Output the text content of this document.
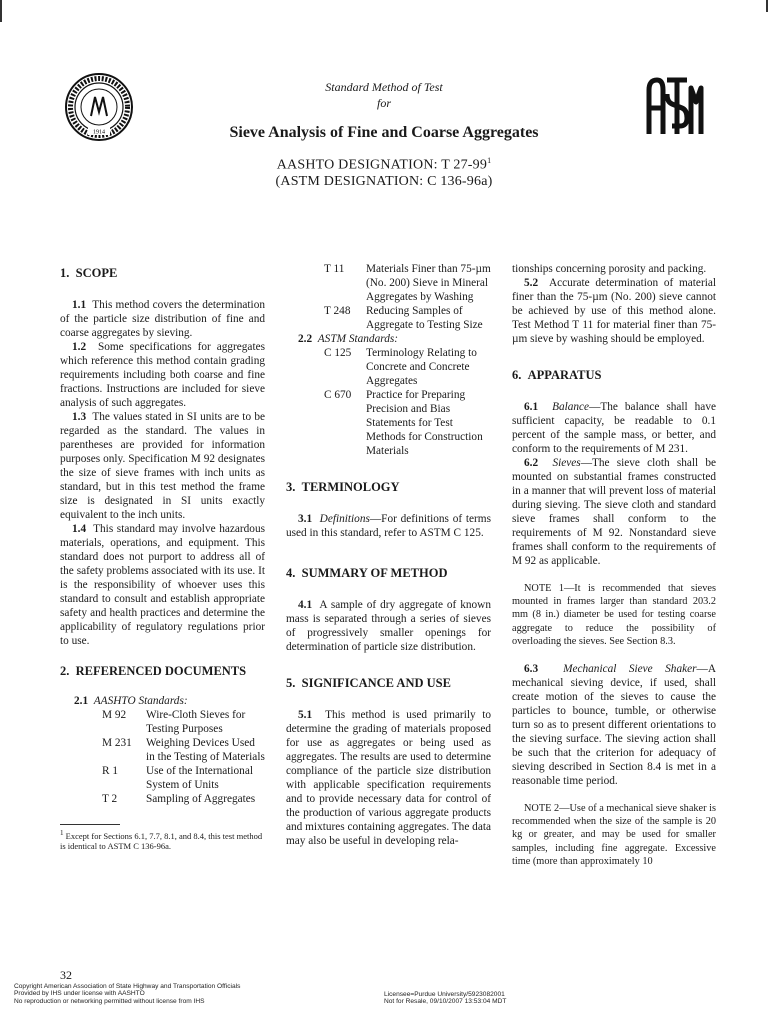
1914
ASTM
Standard Method of Test
for
Sieve Analysis of Fine and Coarse Aggregates
AASHTO DESIGNATION: T $27-99^1$
(ASTM DESIGNATION: C 136-96a)
1.  SCOPE

1.1 This method covers the determination of the particle size distribution of fine and coarse aggregates by sieving.

1.2 Some specifications for aggregates which reference this method contain grading requirements including both coarse and fine fractions. Instructions are included for sieve analysis of such aggregates.

1.3 The values stated in SI units are to be regarded as the standard. The values in parentheses are provided for information purposes only. Specification M 92 designates the size of sieve frames with inch units as standard, but in this test method the frame size is designated in SI units exactly equivalent to the inch units.

1.4 This standard may involve hazardous materials, operations, and equipment. This standard does not purport to address all of the safety problems associated with its use. It is the responsibility of whoever uses this standard to consult and establish appropriate safety and health practices and determine the applicability of regulatory regulations prior to use.

2.  REFERENCED DOCUMENTS
2.1 AASHTO Standards:
M 92	Wire-Cloth Sieves for Testing Purposes
M 231	Weighing Devices Used in the Testing of Materials
R 1	Use of the International System of Units
T 2	Sampling of Aggregates

$^1$ Except for Sections 6.1, 7.7, 8.1, and 8.4, this test method is identical to ASTM C 136-96a.

T 11	Materials Finer than 75-µm (No. 200) Sieve in Mineral Aggregates by Washing
T 248	Reducing Samples of Aggregate to Testing Size
2.2 ASTM Standards:
C 125	Terminology Relating to Concrete and Concrete Aggregates
C 670	Practice for Preparing Precision and Bias Statements for Test Methods for Construction Materials
3.  TERMINOLOGY

3.1 Definitions—For definitions of terms used in this standard, refer to ASTM C 125.

4.  SUMMARY OF METHOD

4.1 A sample of dry aggregate of known mass is separated through a series of sieves of progressively smaller openings for determination of particle size distribution.

5.  SIGNIFICANCE AND USE

5.1 This method is used primarily to determine the grading of materials proposed for use as aggregates or being used as aggregates. The results are used to determine compliance of the particle size distribution with applicable specification requirements and to provide necessary data for control of the production of various aggregate products and mixtures containing aggregates. The data may also be useful in developing rela-

tionships concerning porosity and packing.

5.2 Accurate determination of material finer than the 75-µm (No. 200) sieve cannot be achieved by use of this method alone. Test Method T 11 for material finer than 75-µm sieve by washing should be employed.

6.  APPARATUS

6.1 Balance—The balance shall have sufficient capacity, be readable to 0.1 percent of the sample mass, or better, and conform to the requirements of M 231.

6.2 Sieves—The sieve cloth shall be mounted on substantial frames constructed in a manner that will prevent loss of material during sieving. The sieve cloth and standard sieve frames shall conform to the requirements of M 92. Nonstandard sieve frames shall conform to the requirements of M 92 as applicable.

NOTE 1—It is recommended that sieves mounted in frames larger than standard 203.2 mm (8 in.) diameter be used for testing coarse aggregate to reduce the possibility of overloading the sieves. See Section 8.3.

6.3 Mechanical Sieve Shaker—A mechanical sieving device, if used, shall create motion of the sieves to cause the particles to bounce, tumble, or otherwise turn so as to present different orientations to the sieving surface. The sieving action shall be such that the criterion for adequacy of sieving described in Section 8.4 is met in a reasonable time period.

NOTE 2—Use of a mechanical sieve shaker is recommended when the size of the sample is 20 kg or greater, and may be used for smaller samples, including fine aggregate. Excessive time (more than approximately 10

32
Copyright American Association of State Highway and Transportation Officials
Provided by IHS under license with AASHTO
No reproduction or networking permitted without license from IHS
Licensee=Purdue University/5923082001
Not for Resale, 09/10/2007 13:53:04 MDT
